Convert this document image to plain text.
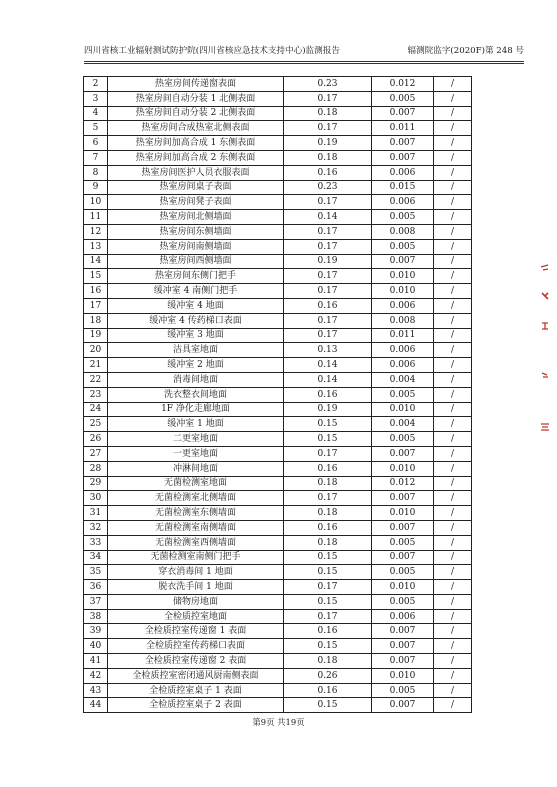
四川省核工业辐射测试防护院(四川省核应急技术支持中心)监测报告	辐测院监字(2020F)第 248 号
2	热室房间传递窗表面	0.23	0.012	/
3	热室房间自动分装 1 北侧表面	0.17	0.005	/
4	热室房间自动分装 2 北侧表面	0.18	0.007	/
5	热室房间合成热室北侧表面	0.17	0.011	/
6	热室房间加高合成 1 东侧表面	0.19	0.007	/
7	热室房间加高合成 2 东侧表面	0.18	0.007	/
8	热室房间医护人员衣服表面	0.16	0.006	/
9	热室房间桌子表面	0.23	0.015	/
10	热室房间凳子表面	0.17	0.006	/
11	热室房间北侧墙面	0.14	0.005	/
12	热室房间东侧墙面	0.17	0.008	/
13	热室房间南侧墙面	0.17	0.005	/
14	热室房间西侧墙面	0.19	0.007	/
15	热室房间东侧门把手	0.17	0.010	/
16	缓冲室 4 南侧门把手	0.17	0.010	/
17	缓冲室 4 地面	0.16	0.006	/
18	缓冲室 4 传药梯口表面	0.17	0.008	/
19	缓冲室 3 地面	0.17	0.011	/
20	洁具室地面	0.13	0.006	/
21	缓冲室 2 地面	0.14	0.006	/
22	消毒间地面	0.14	0.004	/
23	洗衣整衣间地面	0.16	0.005	/
24	1F 净化走廊地面	0.19	0.010	/
25	缓冲室 1 地面	0.15	0.004	/
26	二更室地面	0.15	0.005	/
27	一更室地面	0.17	0.007	/
28	冲淋间地面	0.16	0.010	/
29	无菌检测室地面	0.18	0.012	/
30	无菌检测室北侧墙面	0.17	0.007	/
31	无菌检测室东侧墙面	0.18	0.010	/
32	无菌检测室南侧墙面	0.16	0.007	/
33	无菌检测室西侧墙面	0.18	0.005	/
34	无菌检测室南侧门把手	0.15	0.007	/
35	穿衣消毒间 1 地面	0.15	0.005	/
36	脱衣洗手间 1 地面	0.17	0.010	/
37	储物房地面	0.15	0.005	/
38	全检质控室地面	0.17	0.006	/
39	全检质控室传递窗 1 表面	0.16	0.007	/
40	全检质控室传药梯口表面	0.15	0.007	/
41	全检质控室传递窗 2 表面	0.18	0.007	/
42	全检质控室密闭通风厨南侧表面	0.26	0.010	/
43	全检质控室桌子 1 表面	0.16	0.005	/
44	全检质控室桌子 2 表面	0.15	0.007	/
第9页 共19页
